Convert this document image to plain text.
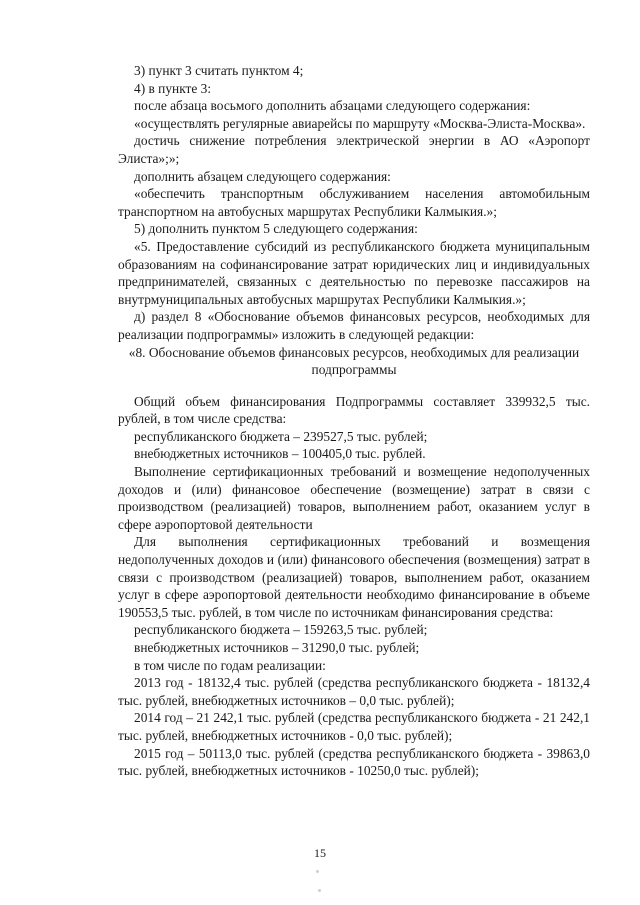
3) пункт 3 считать пунктом 4;

4) в пункте 3:

после абзаца восьмого дополнить абзацами следующего содержания:

«осуществлять регулярные авиарейсы по маршруту «Москва-Элиста-Москва».

достичь снижение потребления электрической энергии в АО «Аэропорт Элиста»;»;

дополнить абзацем следующего содержания:

«обеспечить транспортным обслуживанием населения автомобильным транспортном на автобусных маршрутах Республики Калмыкия.»;

5) дополнить пунктом 5 следующего содержания:

«5. Предоставление субсидий из республиканского бюджета муниципальным образованиям на софинансирование затрат юридических лиц и индивидуальных предпринимателей, связанных с деятельностью по перевозке пассажиров на внутрмуниципальных автобусных маршрутах Республики Калмыкия.»;

д) раздел 8 «Обоснование объемов финансовых ресурсов, необходимых для реализации подпрограммы» изложить в следующей редакции:

«8. Обоснование объемов финансовых ресурсов, необходимых для реализации подпрограммы

Общий объем финансирования Подпрограммы составляет 339932,5 тыс. рублей, в том числе средства:

республиканского бюджета – 239527,5 тыс. рублей;

внебюджетных источников – 100405,0 тыс. рублей.

Выполнение сертификационных требований и возмещение недополученных доходов и (или) финансовое обеспечение (возмещение) затрат в связи с производством (реализацией) товаров, выполнением работ, оказанием услуг в сфере аэропортовой деятельности

Для выполнения сертификационных требований и возмещения недополученных доходов и (или) финансового обеспечения (возмещения) затрат в связи с производством (реализацией) товаров, выполнением работ, оказанием услуг в сфере аэропортовой деятельности необходимо финансирование в объеме 190553,5 тыс. рублей, в том числе по источникам финансирования средства:

республиканского бюджета – 159263,5 тыс. рублей;

внебюджетных источников – 31290,0 тыс. рублей;

в том числе по годам реализации:

2013 год - 18132,4 тыс. рублей (средства республиканского бюджета - 18132,4 тыс. рублей, внебюджетных источников – 0,0 тыс. рублей);

2014 год – 21 242,1 тыс. рублей (средства республиканского бюджета - 21 242,1 тыс. рублей, внебюджетных источников - 0,0 тыс. рублей);

2015 год – 50113,0 тыс. рублей (средства республиканского бюджета - 39863,0 тыс. рублей, внебюджетных источников - 10250,0 тыс. рублей);

15
